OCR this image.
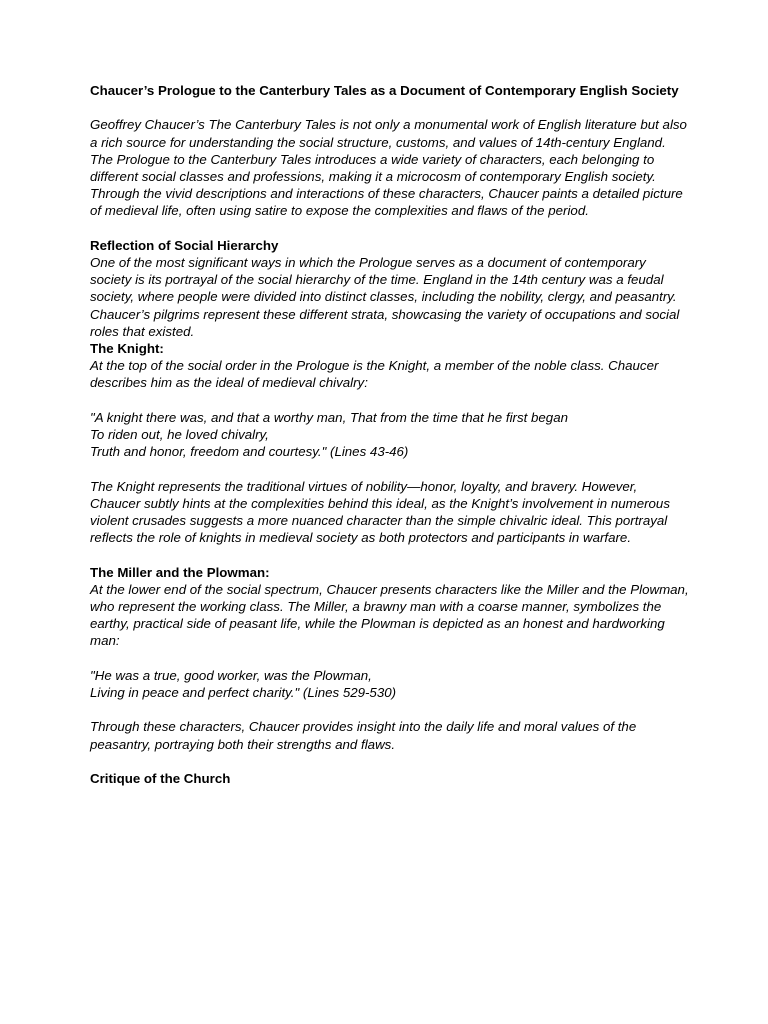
Chaucer’s Prologue to the Canterbury Tales as a Document of Contemporary English Society

Geoffrey Chaucer’s The Canterbury Tales is not only a monumental work of English literature but also a rich source for understanding the social structure, customs, and values of 14th-century England. The Prologue to the Canterbury Tales introduces a wide variety of characters, each belonging to different social classes and professions, making it a microcosm of contemporary English society. Through the vivid descriptions and interactions of these characters, Chaucer paints a detailed picture of medieval life, often using satire to expose the complexities and flaws of the period.

Reflection of Social Hierarchy

One of the most significant ways in which the Prologue serves as a document of contemporary society is its portrayal of the social hierarchy of the time. England in the 14th century was a feudal society, where people were divided into distinct classes, including the nobility, clergy, and peasantry. Chaucer’s pilgrims represent these different strata, showcasing the variety of occupations and social roles that existed.

The Knight:

At the top of the social order in the Prologue is the Knight, a member of the noble class. Chaucer describes him as the ideal of medieval chivalry:

"A knight there was, and that a worthy man, That from the time that he first began

To riden out, he loved chivalry,

Truth and honor, freedom and courtesy." (Lines 43-46)

The Knight represents the traditional virtues of nobility—honor, loyalty, and bravery. However, Chaucer subtly hints at the complexities behind this ideal, as the Knight’s involvement in numerous violent crusades suggests a more nuanced character than the simple chivalric ideal. This portrayal reflects the role of knights in medieval society as both protectors and participants in warfare.

The Miller and the Plowman:

At the lower end of the social spectrum, Chaucer presents characters like the Miller and the Plowman, who represent the working class. The Miller, a brawny man with a coarse manner, symbolizes the earthy, practical side of peasant life, while the Plowman is depicted as an honest and hardworking man:

"He was a true, good worker, was the Plowman,

Living in peace and perfect charity." (Lines 529-530)

Through these characters, Chaucer provides insight into the daily life and moral values of the peasantry, portraying both their strengths and flaws.

Critique of the Church
